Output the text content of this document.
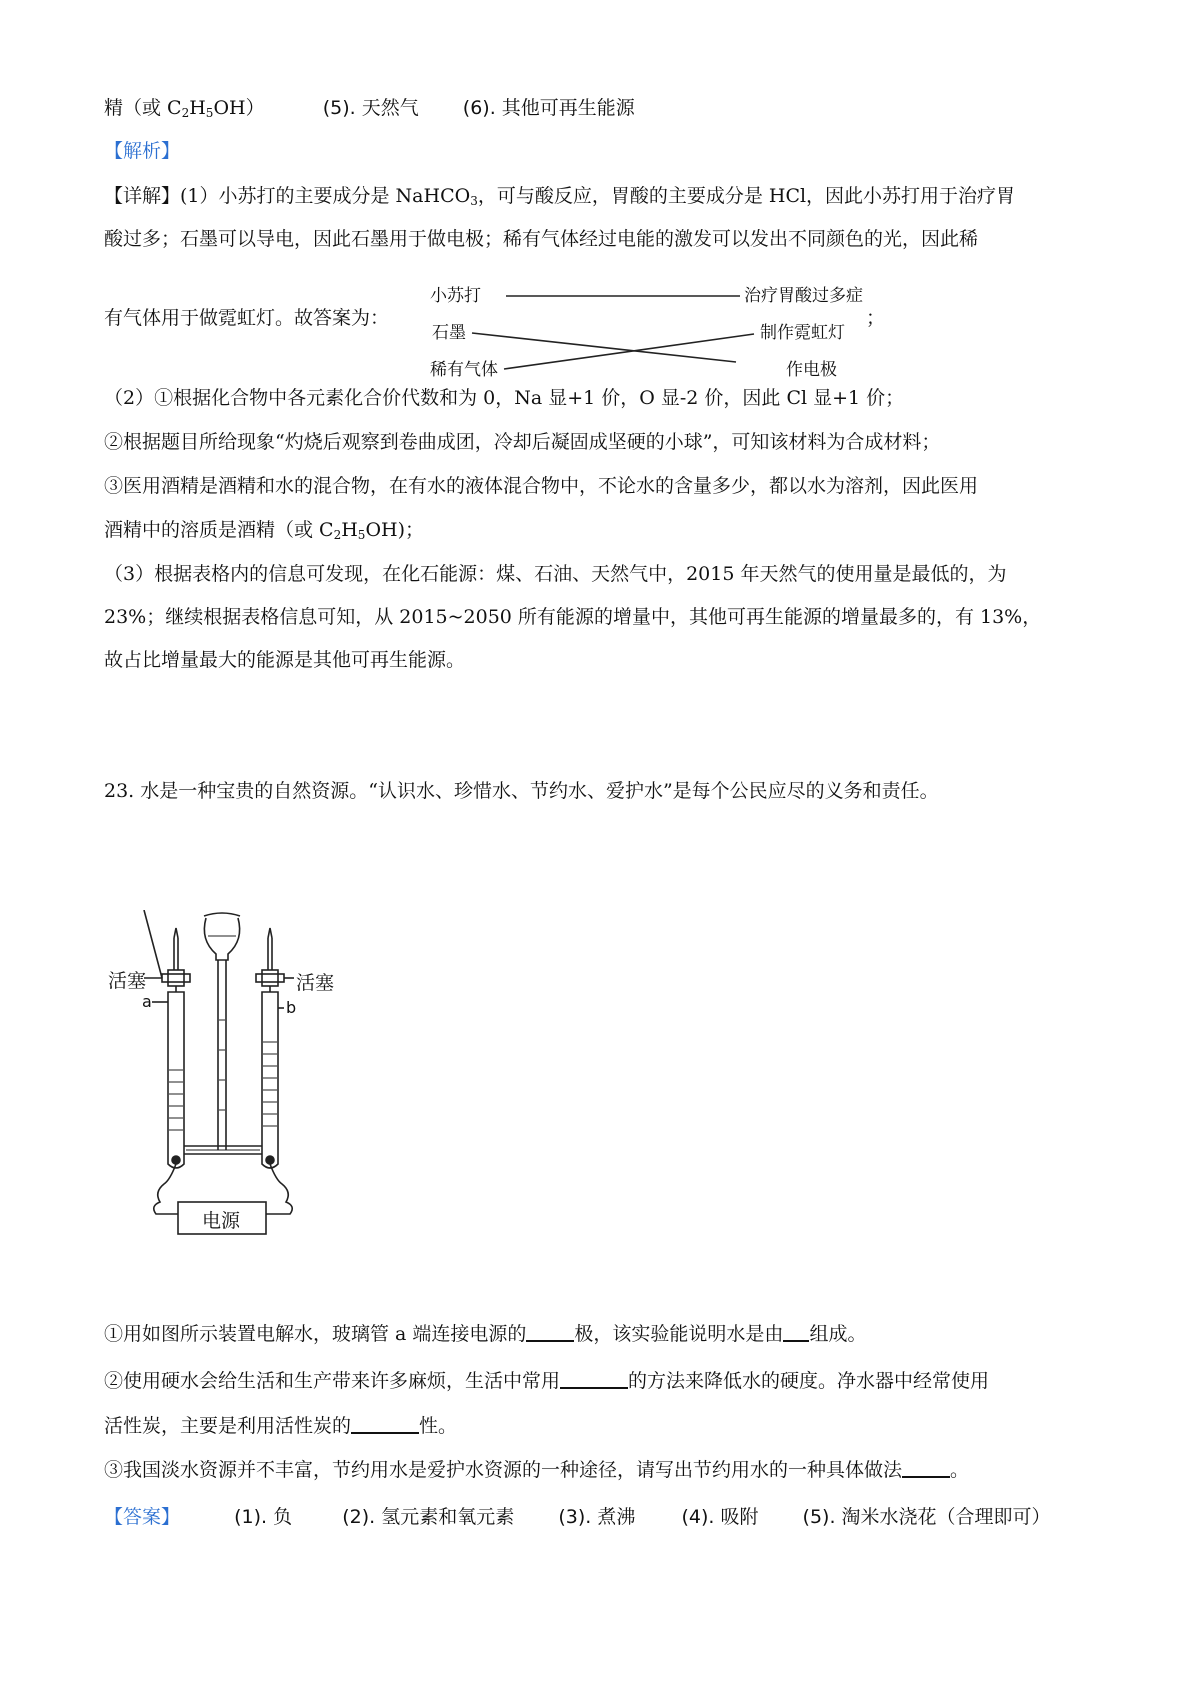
精（或 $C_2H_5OH$）	(5). 天然气 (6). 其他可再生能源
【解析】
【详解】(1）小苏打的主要成分是 NaHCO$_3$，可与酸反应，胃酸的主要成分是 HCl，因此小苏打用于治疗胃
酸过多；石墨可以导电，因此石墨用于做电极；稀有气体经过电能的激发可以发出不同颜色的光，因此稀
有气体用于做霓虹灯。故答案为：	；
小苏打
石墨
稀有气体
治疗胃酸过多症
制作霓虹灯
作电极
（2）①根据化合物中各元素化合价代数和为 0，Na 显+1 价，O 显-2 价，因此 Cl 显+1 价；
②根据题目所给现象“灼烧后观察到卷曲成团，冷却后凝固成坚硬的小球”，可知该材料为合成材料；
③医用酒精是酒精和水的混合物，在有水的液体混合物中，不论水的含量多少，都以水为溶剂，因此医用
酒精中的溶质是酒精（或 $C_2H_5OH$)；
（3）根据表格内的信息可发现，在化石能源：煤、石油、天然气中，2015 年天然气的使用量是最低的，为
23%；继续根据表格信息可知，从 2015~2050 所有能源的增量中，其他可再生能源的增量最多的，有 13%，
故占比增量最大的能源是其他可再生能源。
23. 水是一种宝贵的自然资源。“认识水、珍惜水、节约水、爱护水”是每个公民应尽的义务和责任。
活塞	活塞
a	b
电源
①用如图所示装置电解水，玻璃管 a 端连接电源的	极，该实验能说明水是由 组成。
②使用硬水会给生活和生产带来许多麻烦，生活中常用	的方法来降低水的硬度。净水器中经常使用
活性炭，主要是利用活性炭的	性。
③我国淡水资源并不丰富，节约用水是爱护水资源的一种途径，请写出节约用水的一种具体做法	。
【答案】	(1). 负	(2). 氢元素和氧元素 (3). 煮沸 (4). 吸附 (5). 淘米水浇花（合理即可）
